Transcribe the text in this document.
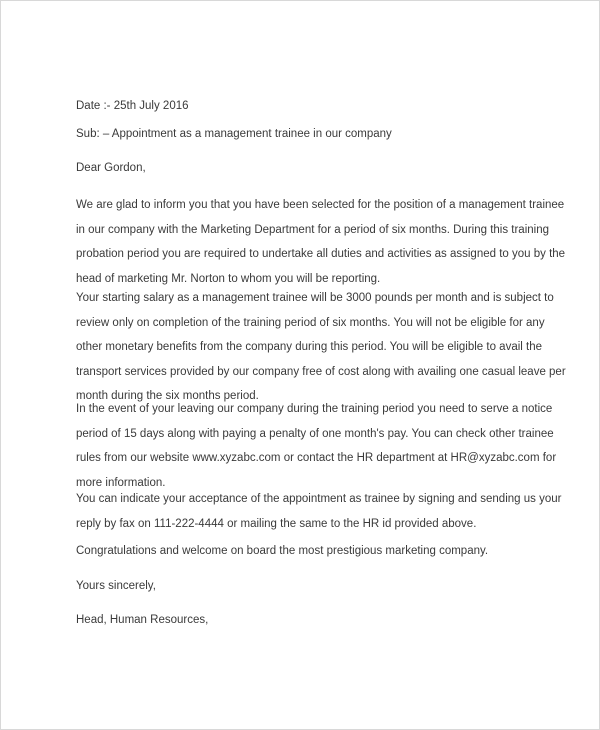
Date :- 25th July 2016

Sub: – Appointment as a management trainee in our company

Dear Gordon,

We are glad to inform you that you have been selected for the position of a management trainee
in our company with the Marketing Department for a period of six months. During this training
probation period you are required to undertake all duties and activities as assigned to you by the
head of marketing Mr. Norton to whom you will be reporting.
Your starting salary as a management trainee will be 3000 pounds per month and is subject to
review only on completion of the training period of six months. You will not be eligible for any
other monetary benefits from the company during this period. You will be eligible to avail the
transport services provided by our company free of cost along with availing one casual leave per
month during the six months period.
In the event of your leaving our company during the training period you need to serve a notice
period of 15 days along with paying a penalty of one month's pay. You can check other trainee
rules from our website www.xyzabc.com or contact the HR department at HR@xyzabc.com for
more information.
You can indicate your acceptance of the appointment as trainee by signing and sending us your
reply by fax on 111-222-4444 or mailing the same to the HR id provided above.

Congratulations and welcome on board the most prestigious marketing company.

Yours sincerely,

Head, Human Resources,
